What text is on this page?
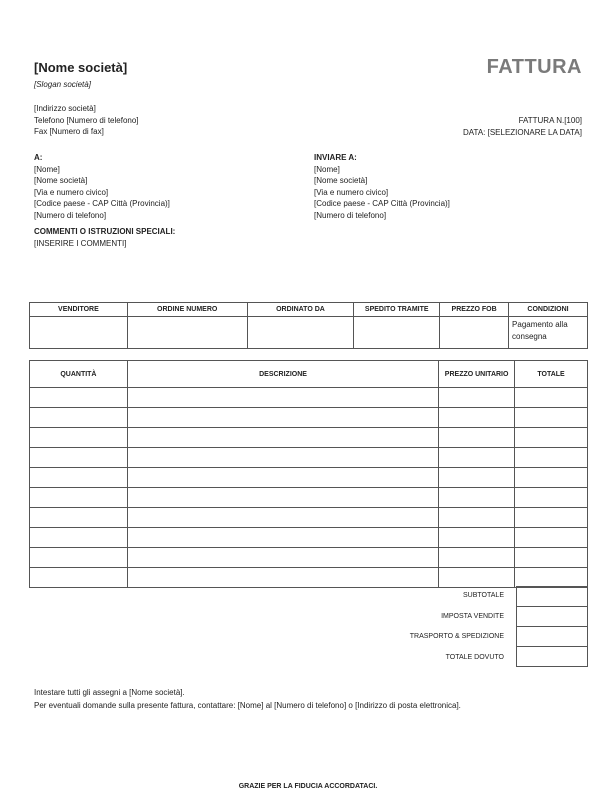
[Nome società]
[Slogan società]
FATTURA
[Indirizzo società]
Telefono [Numero di telefono]
Fax [Numero di fax]
FATTURA N.[100]
DATA: [SELEZIONARE LA DATA]
A:
[Nome]
[Nome società]
[Via e numero civico]
[Codice paese - CAP Città (Provincia)]
[Numero di telefono]
INVIARE A:
[Nome]
[Nome società]
[Via e numero civico]
[Codice paese - CAP Città (Provincia)]
[Numero di telefono]
COMMENTI O ISTRUZIONI SPECIALI:
[INSERIRE I COMMENTI]
VENDITORE	ORDINE NUMERO	ORDINATO DA	SPEDITO TRAMITE	PREZZO FOB	CONDIZIONI
					Pagamento alla consegna
QUANTITÀ	DESCRIZIONE	PREZZO UNITARIO	TOTALE

SUBTOTALE
IMPOSTA VENDITE
TRASPORTO & SPEDIZIONE
TOTALE DOVUTO

Intestare tutti gli assegni a [Nome società].
Per eventuali domande sulla presente fattura, contattare: [Nome] al [Numero di telefono] o [Indirizzo di posta elettronica].
GRAZIE PER LA FIDUCIA ACCORDATACI.
